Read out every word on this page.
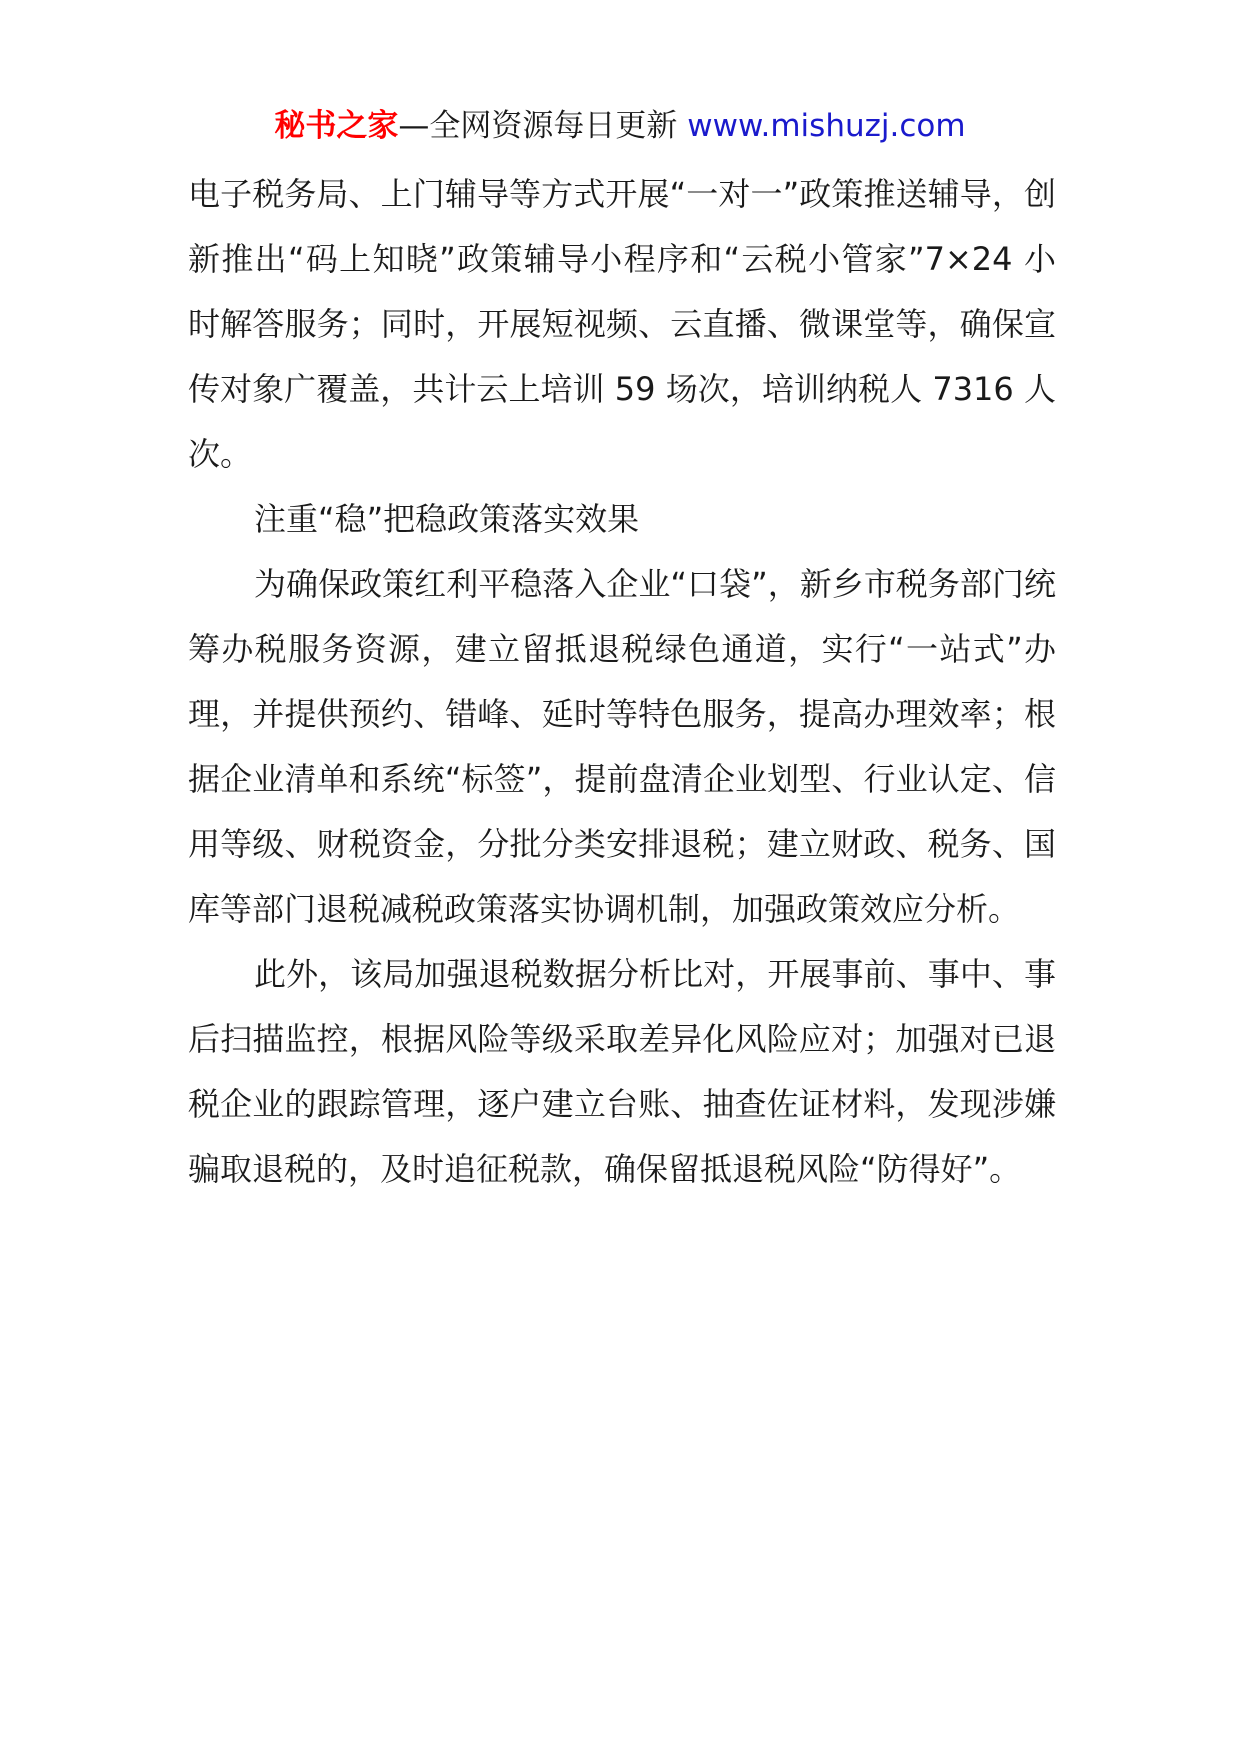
秘书之家—全网资源每日更新 www.mishuzj.com

电子税务局、上门辅导等方式开展“一对一”政策推送辅导，创新推出“码上知晓”政策辅导小程序和“云税小管家”7×24 小时解答服务；同时，开展短视频、云直播、微课堂等，确保宣传对象广覆盖，共计云上培训 59 场次，培训纳税人 7316 人次。

注重“稳”把稳政策落实效果

为确保政策红利平稳落入企业“口袋”，新乡市税务部门统筹办税服务资源，建立留抵退税绿色通道，实行“一站式”办理，并提供预约、错峰、延时等特色服务，提高办理效率；根据企业清单和系统“标签”，提前盘清企业划型、行业认定、信用等级、财税资金，分批分类安排退税；建立财政、税务、国库等部门退税减税政策落实协调机制，加强政策效应分析。

此外，该局加强退税数据分析比对，开展事前、事中、事后扫描监控，根据风险等级采取差异化风险应对；加强对已退税企业的跟踪管理，逐户建立台账、抽查佐证材料，发现涉嫌骗取退税的，及时追征税款，确保留抵退税风险“防得好”。
